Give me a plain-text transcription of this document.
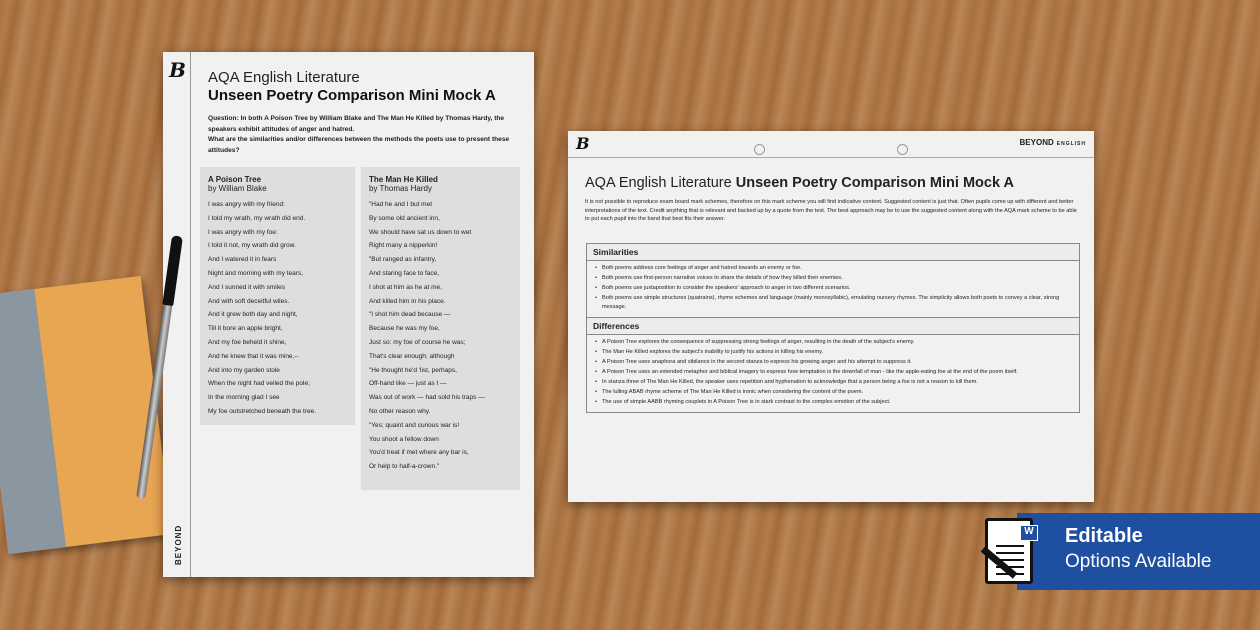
B
BEYOND
AQA English Literature
Unseen Poetry Comparison Mini Mock A
Question: In both A Poison Tree by William Blake and The Man He Killed by Thomas Hardy, the speakers exhibit attitudes of anger and hatred.
What are the similarities and/or differences between the methods the poets use to present these attitudes?
A Poison Tree
by William Blake
I was angry with my friend:
I told my wrath, my wrath did end.
I was angry with my foe:
I told it not, my wrath did grow.
And I watered it in fears
Night and morning with my tears,
And I sunned it with smiles
And with soft deceitful wiles.
And it grew both day and night,
Till it bore an apple bright,
And my foe beheld it shine,
And he knew that it was mine,--
And into my garden stole
When the night had veiled the pole;
In the morning glad I see
My foe outstretched beneath the tree.
The Man He Killed
by Thomas Hardy
"Had he and I but met
By some old ancient inn,
We should have sat us down to wet
Right many a nipperkin!
"But ranged as infantry,
And staring face to face,
I shot at him as he at me,
And killed him in his place.
"I shot him dead because —
Because he was my foe,
Just so: my foe of course he was;
That's clear enough; although
"He thought he'd 'list, perhaps,
Off-hand like — just as I —
Was out of work — had sold his traps —
No other reason why.
"Yes; quaint and curious war is!
You shoot a fellow down
You'd treat if met where any bar is,
Or help to half-a-crown."
B	BEYOND ENGLISH
AQA English Literature Unseen Poetry Comparison Mini Mock A
It is not possible to reproduce exam board mark schemes, therefore on this mark scheme you will find indicative content. Suggested content is just that. Often pupils come up with different and better interpretations of the text. Credit anything that is relevant and backed up by a quote from the text. The best approach may be to use the suggested content along with the AQA mark scheme to be able to put each pupil into the band that best fits their answer.
Similarities
• Both poems address core feelings of anger and hatred towards an enemy or foe.
• Both poems use first-person narrative voices to share the details of how they killed their enemies.
• Both poems use juxtaposition to consider the speakers' approach to anger in two different scenarios.
• Both poems use simple structures (quatrains), rhyme schemes and language (mainly monosyllabic), emulating nursery rhymes. The simplicity allows both poets to convey a clear, strong message.
Differences
• A Poison Tree explores the consequence of suppressing strong feelings of anger, resulting in the death of the subject's enemy.
• The Man He Killed explores the subject's inability to justify his actions in killing his enemy.
• A Poison Tree uses anaphora and sibilance in the second stanza to express his growing anger and his attempt to suppress it.
• A Poison Tree uses an extended metaphor and biblical imagery to express how temptation is the downfall of man - like the apple-eating foe at the end of the poem itself.
• In stanza three of The Man He Killed, the speaker uses repetition and hyphenation to acknowledge that a person being a foe is not a reason to kill them.
• The lulling ABAB rhyme scheme of The Man He Killed is ironic when considering the content of the poem.
• The use of simple AABB rhyming couplets in A Poison Tree is in stark contrast to the complex emotion of the subject.
Editable
Options Available
W
